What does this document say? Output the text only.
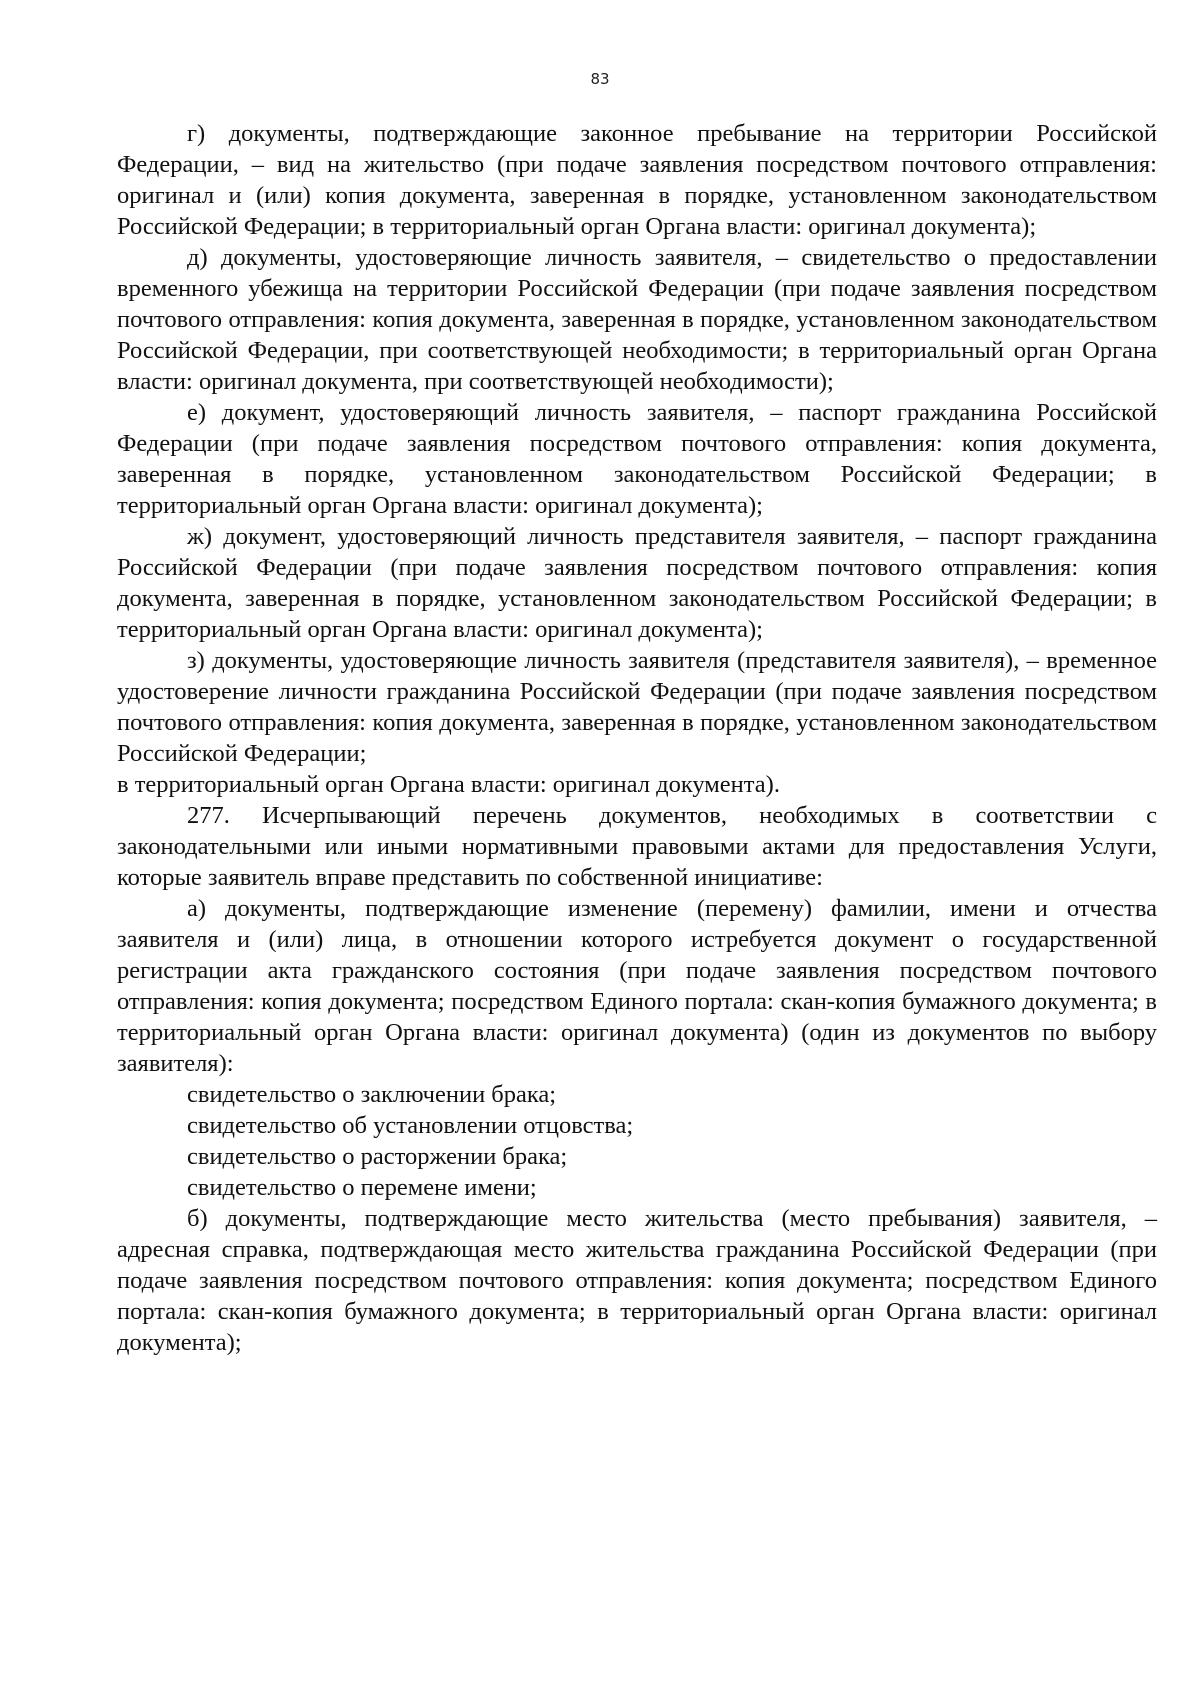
83

г) документы, подтверждающие законное пребывание на территории Российской Федерации, – вид на жительство (при подаче заявления посредством почтового отправления: оригинал и (или) копия документа, заверенная в порядке, установленном законодательством Российской Федерации; в территориальный орган Органа власти: оригинал документа);

д) документы, удостоверяющие личность заявителя, – свидетельство о предоставлении временного убежища на территории Российской Федерации (при подаче заявления посредством почтового отправления: копия документа, заверенная в порядке, установленном законодательством Российской Федерации, при соответствующей необходимости; в территориальный орган Органа власти: оригинал документа, при соответствующей необходимости);

е) документ, удостоверяющий личность заявителя, – паспорт гражданина Российской Федерации (при подаче заявления посредством почтового отправления: копия документа, заверенная в порядке, установленном законодательством Российской Федерации; в территориальный орган Органа власти: оригинал документа);

ж) документ, удостоверяющий личность представителя заявителя, – паспорт гражданина Российской Федерации (при подаче заявления посредством почтового отправления: копия документа, заверенная в порядке, установленном законодательством Российской Федерации; в территориальный орган Органа власти: оригинал документа);

з) документы, удостоверяющие личность заявителя (представителя заявителя), – временное удостоверение личности гражданина Российской Федерации (при подаче заявления посредством почтового отправления: копия документа, заверенная в порядке, установленном законодательством Российской Федерации;

в территориальный орган Органа власти: оригинал документа).

277. Исчерпывающий перечень документов, необходимых в соответствии с законодательными или иными нормативными правовыми актами для предоставления Услуги, которые заявитель вправе представить по собственной инициативе:

а) документы, подтверждающие изменение (перемену) фамилии, имени и отчества заявителя и (или) лица, в отношении которого истребуется документ о государственной регистрации акта гражданского состояния (при подаче заявления посредством почтового отправления: копия документа; посредством Единого портала: скан-копия бумажного документа; в территориальный орган Органа власти: оригинал документа) (один из документов по выбору заявителя):

свидетельство о заключении брака;

свидетельство об установлении отцовства;

свидетельство о расторжении брака;

свидетельство о перемене имени;

б) документы, подтверждающие место жительства (место пребывания) заявителя, – адресная справка, подтверждающая место жительства гражданина Российской Федерации (при подаче заявления посредством почтового отправления: копия документа; посредством Единого портала: скан-копия бумажного документа; в территориальный орган Органа власти: оригинал документа);
